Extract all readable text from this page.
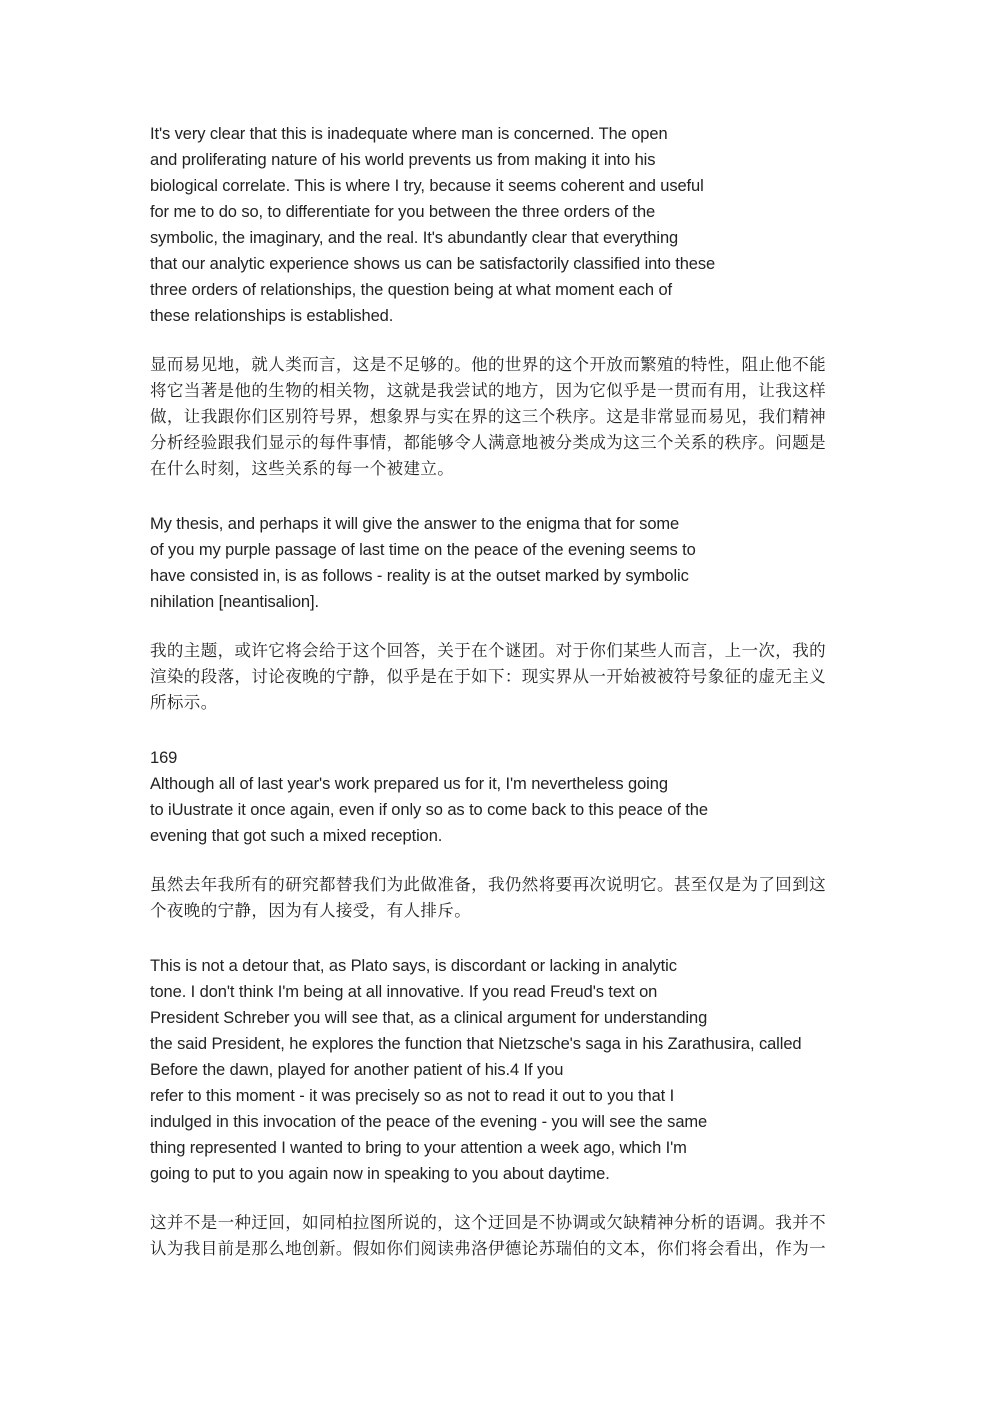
It's very clear that this is inadequate where man is concerned. The open
and proliferating nature of his world prevents us from making it into his
biological correlate. This is where I try, because it seems coherent and useful
for me to do so, to differentiate for you between the three orders of the
symbolic, the imaginary, and the real. It's abundantly clear that everything
that our analytic experience shows us can be satisfactorily classified into these
three orders of relationships, the question being at what moment each of
these relationships is established.
显而易见地，就人类而言，这是不足够的。他的世界的这个开放而繁殖的特性，阻止他不能
将它当著是他的生物的相关物，这就是我尝试的地方，因为它似乎是一贯而有用，让我这样
做，让我跟你们区别符号界，想象界与实在界的这三个秩序。这是非常显而易见，我们精神
分析经验跟我们显示的每件事情，都能够令人满意地被分类成为这三个关系的秩序。问题是
在什么时刻，这些关系的每一个被建立。
My thesis, and perhaps it will give the answer to the enigma that for some
of you my purple passage of last time on the peace of the evening seems to
have consisted in, is as follows - reality is at the outset marked by symbolic
nihilation [neantisalion].
我的主题，或许它将会给于这个回答，关于在个谜团。对于你们某些人而言，上一次，我的
渲染的段落，讨论夜晚的宁静，似乎是在于如下：现实界从一开始被被符号象征的虚无主义
所标示。
169
Although all of last year's work prepared us for it, I'm nevertheless going
to iUustrate it once again, even if only so as to come back to this peace of the
evening that got such a mixed reception.
虽然去年我所有的研究都替我们为此做准备，我仍然将要再次说明它。甚至仅是为了回到这
个夜晚的宁静，因为有人接受，有人排斥。
This is not a detour that, as Plato says, is discordant or lacking in analytic
tone. I don't think I'm being at all innovative. If you read Freud's text on
President Schreber you will see that, as a clinical argument for understanding
the said President, he explores the function that Nietzsche's saga in his Zarathusira, called
Before the dawn, played for another patient of his.4 If you
refer to this moment - it was precisely so as not to read it out to you that I
indulged in this invocation of the peace of the evening - you will see the same
thing represented I wanted to bring to your attention a week ago, which I'm
going to put to you again now in speaking to you about daytime.
这并不是一种迂回，如同柏拉图所说的，这个迂回是不协调或欠缺精神分析的语调。我并不
认为我目前是那么地创新。假如你们阅读弗洛伊德论苏瑞伯的文本，你们将会看出，作为一
